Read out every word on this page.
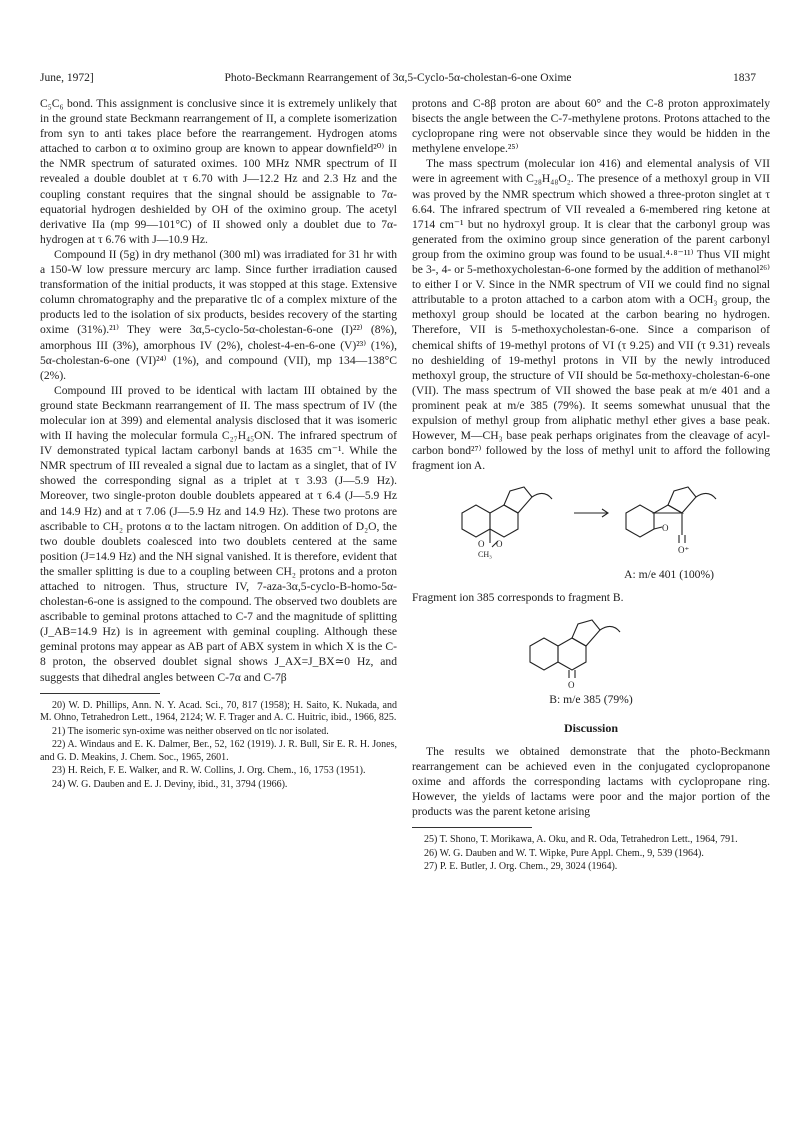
June, 1972]	Photo-Beckmann Rearrangement of 3α,5-Cyclo-5α-cholestan-6-one Oxime	1837

C₅C₆ bond. This assignment is conclusive since it is extremely unlikely that in the ground state Beckmann rearrangement of II, a complete isomerization from syn to anti takes place before the rearrangement. Hydrogen atoms attached to carbon α to oximino group are known to appear downfield²⁰⁾ in the NMR spectrum of saturated oximes. 100 MHz NMR spectrum of II revealed a double doublet at τ 6.70 with J—12.2 Hz and 2.3 Hz and the coupling constant requires that the singnal should be assignable to 7α-equatorial hydrogen deshielded by OH of the oximino group. The acetyl derivative IIa (mp 99—101°C) of II showed only a doublet due to 7α-hydrogen at τ 6.76 with J—10.9 Hz.

Compound II (5g) in dry methanol (300 ml) was irradiated for 31 hr with a 150-W low pressure mercury arc lamp. Since further irradiation caused transformation of the initial products, it was stopped at this stage. Extensive column chromatography and the preparative tlc of a complex mixture of the products led to the isolation of six products, besides recovery of the starting oxime (31%).²¹⁾ They were 3α,5-cyclo-5α-cholestan-6-one (I)²²⁾ (8%), amorphous III (3%), amorphous IV (2%), cholest-4-en-6-one (V)²³⁾ (1%), 5α-cholestan-6-one (VI)²⁴⁾ (1%), and compound (VII), mp 134—138°C (2%).

Compound III proved to be identical with lactam III obtained by the ground state Beckmann rearrangement of II. The mass spectrum of IV (the molecular ion at 399) and elemental analysis disclosed that it was isomeric with II having the molecular formula C₂₇H₄₅ON. The infrared spectrum of IV demonstrated typical lactam carbonyl bands at 1635 cm⁻¹. While the NMR spectrum of III revealed a signal due to lactam as a singlet, that of IV showed the corresponding signal as a triplet at τ 3.93 (J—5.9 Hz). Moreover, two single-proton double doublets appeared at τ 6.4 (J—5.9 Hz and 14.9 Hz) and at τ 7.06 (J—5.9 Hz and 14.9 Hz). These two protons are ascribable to CH₂ protons α to the lactam nitrogen. On addition of D₂O, the two double doublets coalesced into two doublets centered at the same position (J=14.9 Hz) and the NH signal vanished. It is therefore, evident that the smaller splitting is due to a coupling between CH₂ protons and a proton attached to nitrogen. Thus, structure IV, 7-aza-3α,5-cyclo-B-homo-5α-cholestan-6-one is assigned to the compound. The observed two doublets are ascribable to geminal protons attached to C-7 and the magnitude of splitting (J_AB=14.9 Hz) is in agreement with geminal coupling. Although these geminal protons may appear as AB part of ABX system in which X is the C-8 proton, the observed doublet signal shows J_AX=J_BX≃0 Hz, and suggests that dihedral angles between C-7α and C-7β

20) W. D. Phillips, Ann. N. Y. Acad. Sci., 70, 817 (1958); H. Saito, K. Nukada, and M. Ohno, Tetrahedron Lett., 1964, 2124; W. F. Trager and A. C. Huitric, ibid., 1966, 825.

21) The isomeric syn-oxime was neither observed on tlc nor isolated.

22) A. Windaus and E. K. Dalmer, Ber., 52, 162 (1919). J. R. Bull, Sir E. R. H. Jones, and G. D. Meakins, J. Chem. Soc., 1965, 2601.

23) H. Reich, F. E. Walker, and R. W. Collins, J. Org. Chem., 16, 1753 (1951).

24) W. G. Dauben and E. J. Deviny, ibid., 31, 3794 (1966).

protons and C-8β proton are about 60° and the C-8 proton approximately bisects the angle between the C-7-methylene protons. Protons attached to the cyclopropane ring were not observable since they would be hidden in the methylene envelope.²⁵⁾

The mass spectrum (molecular ion 416) and elemental analysis of VII were in agreement with C₂₈H₄₈O₂. The presence of a methoxyl group in VII was proved by the NMR spectrum which showed a three-proton singlet at τ 6.64. The infrared spectrum of VII revealed a 6-membered ring ketone at 1714 cm⁻¹ but no hydroxyl group. It is clear that the carbonyl group was generated from the oximino group since generation of the parent carbonyl group from the oximino group was found to be usual.⁴·⁸⁻¹¹⁾ Thus VII might be 3-, 4- or 5-methoxycholestan-6-one formed by the addition of methanol²⁶⁾ to either I or V. Since in the NMR spectrum of VII we could find no signal attributable to a proton attached to a carbon atom with a OCH₃ group, the methoxyl group should be located at the carbon bearing no hydrogen. Therefore, VII is 5-methoxycholestan-6-one. Since a comparison of chemical shifts of 19-methyl protons of VI (τ 9.25) and VII (τ 9.31) reveals no deshielding of 19-methyl protons in VII by the newly introduced methoxyl group, the structure of VII should be 5α-methoxy-cholestan-6-one (VII). The mass spectrum of VII showed the base peak at m/e 401 and a prominent peak at m/e 385 (79%). It seems somewhat unusual that the expulsion of methyl group from aliphatic methyl ether gives a base peak. However, M—CH₃ base peak perhaps originates from the cleavage of acyl-carbon bond²⁷⁾ followed by the loss of methyl unit to afford the following fragment ion A.

O O
CH₃
O
O⁺
A: m/e 401 (100%)

Fragment ion 385 corresponds to fragment B.

O
B: m/e 385 (79%)
Discussion

The results we obtained demonstrate that the photo-Beckmann rearrangement can be achieved even in the conjugated cyclopropanone oxime and affords the corresponding lactams with cyclopropane ring. However, the yields of lactams were poor and the major portion of the products was the parent ketone arising

25) T. Shono, T. Morikawa, A. Oku, and R. Oda, Tetrahedron Lett., 1964, 791.

26) W. G. Dauben and W. T. Wipke, Pure Appl. Chem., 9, 539 (1964).

27) P. E. Butler, J. Org. Chem., 29, 3024 (1964).
